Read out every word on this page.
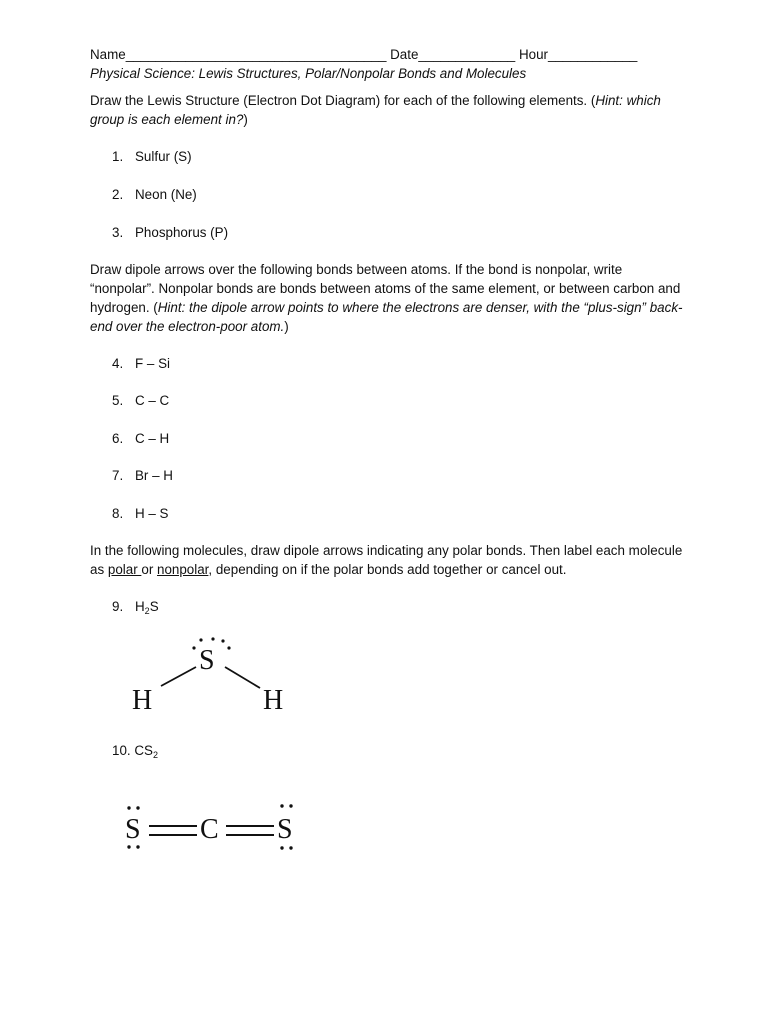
Name___________________________________ Date_____________ Hour____________
Physical Science: Lewis Structures, Polar/Nonpolar Bonds and Molecules

Draw the Lewis Structure (Electron Dot Diagram) for each of the following elements. (Hint: which group is each element in?)

1. Sulfur (S)
2. Neon (Ne)
3. Phosphorus (P)

Draw dipole arrows over the following bonds between atoms. If the bond is nonpolar, write “nonpolar”. Nonpolar bonds are bonds between atoms of the same element, or between carbon and hydrogen. (Hint: the dipole arrow points to where the electrons are denser, with the “plus-sign” back-end over the electron-poor atom.)

4. F – Si
5. C – C
6. C – H
7. Br – H
8. H – S

In the following molecules, draw dipole arrows indicating any polar bonds. Then label each molecule as polar or nonpolar, depending on if the polar bonds add together or cancel out.

9. $H_2S$
S
H	H
10. $CS_2$
S C S
